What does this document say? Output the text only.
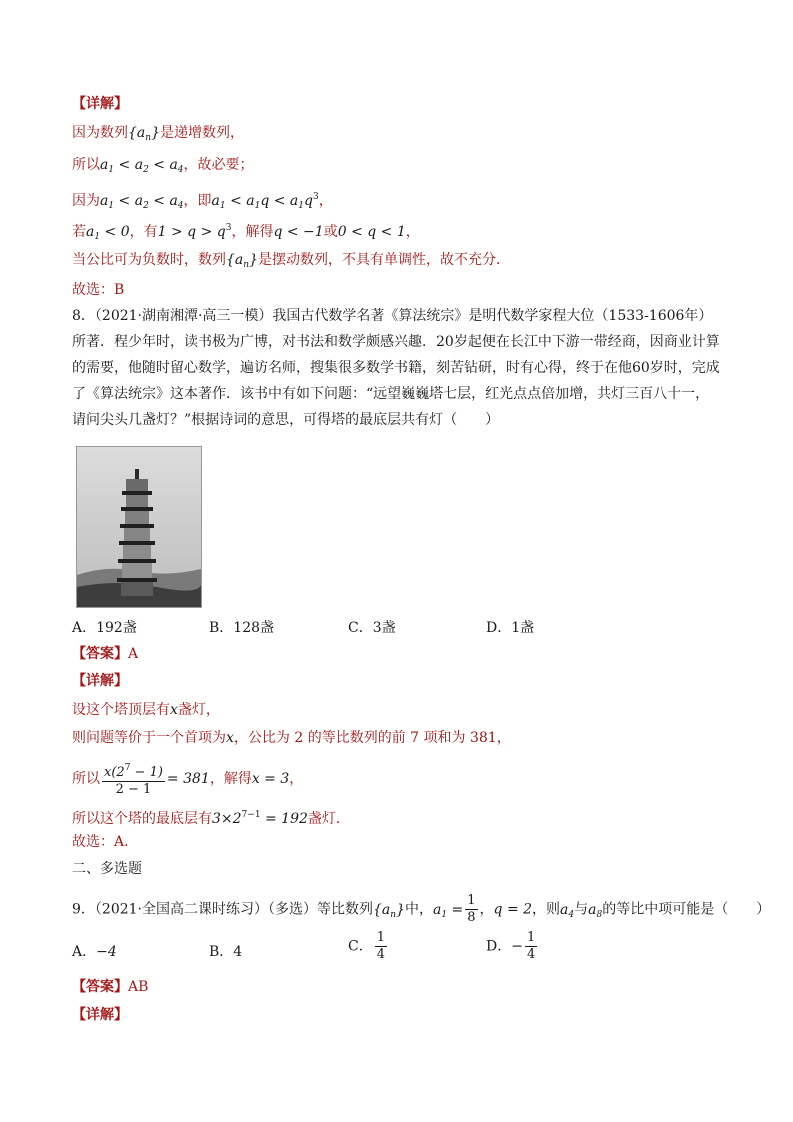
【详解】
因为数列$\{a_n\}$是递增数列，
所以$a_1 < a_2 < a_4$，故必要；
因为$a_1 < a_2 < a_4$，即$a_1 < a_1q < a_1q^3$，
若$a_1 < 0$，有$1 > q > q^3$，解得q < −1或0 < q < 1，
当公比可为负数时，数列$\{a_n\}$是摆动数列，不具有单调性，故不充分．
故选：B
8．（2021·湖南湘潭·高三一模）我国古代数学名著《算法统宗》是明代数学家程大位（1533-1606年）所著．程少年时，读书极为广博，对书法和数学颇感兴趣．20岁起便在长江中下游一带经商，因商业计算的需要，他随时留心数学，遍访名师，搜集很多数学书籍，刻苦钻研，时有心得，终于在他60岁时，完成了《算法统宗》这本著作．该书中有如下问题：“远望巍巍塔七层，红光点点倍加增，共灯三百八十一，请问尖头几盏灯？”根据诗词的意思，可得塔的最底层共有灯（　　）
A．192盏	B．128盏	C．3盏	D．1盏
【答案】A
【详解】
设这个塔顶层有x盏灯，
则问题等价于一个首项为x，公比为 2 的等比数列的前 7 项和为 381，
所以 $\frac{x(2^7 - 1)}{2 - 1} = 381$，解得x = 3，
所以这个塔的最底层有$3\times 2^{7-1} = 192$盏灯．
故选：A．
二、多选题
9．（2021·全国高二课时练习）（多选）等比数列$\{a_n\}$中，$a_1 = \frac{1}{8}$ ，q = 2，则$a_4$与$a_8$的等比中项可能是（　　）
A．−4	B．4	C． $\frac{1}{4}$	D．− $\frac{1}{4}$
【答案】AB
【详解】
